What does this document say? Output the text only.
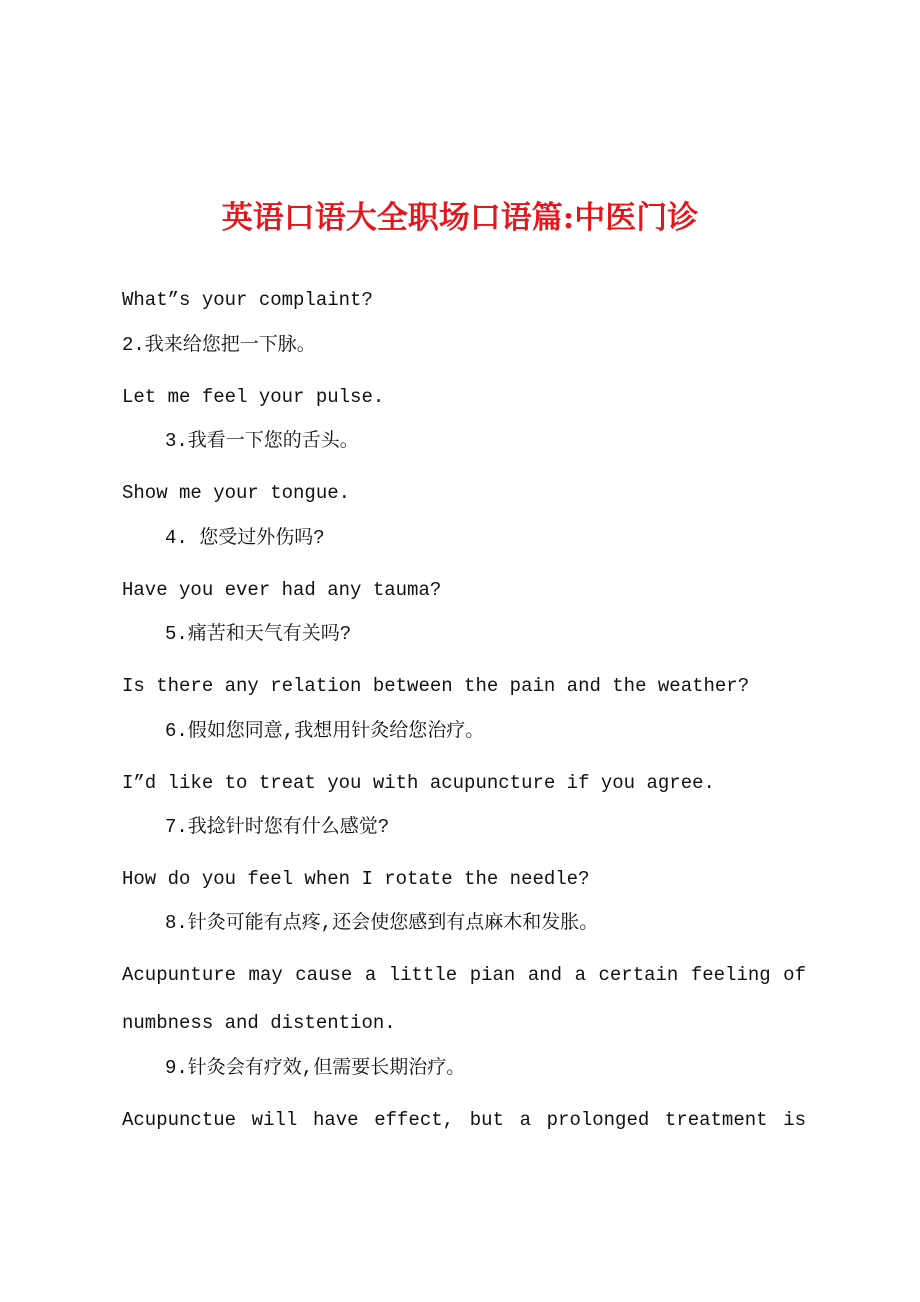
英语口语大全职场口语篇:中医门诊

What”s your complaint?

2.我来给您把一下脉。

Let me feel your pulse.

3.我看一下您的舌头。

Show me your tongue.

4. 您受过外伤吗?

Have you ever had any tauma?

5.痛苦和天气有关吗?

Is there any relation between the pain and the weather?

6.假如您同意,我想用针灸给您治疗。

I”d like to treat you with acupuncture if you agree.

7.我捻针时您有什么感觉?

How do you feel when I rotate the needle?

8.针灸可能有点疼,还会使您感到有点麻木和发胀。

Acupunture may cause a little pian and a certain feeling of

numbness and distention.

9.针灸会有疗效,但需要长期治疗。

Acupunctue will have effect, but a prolonged treatment is
